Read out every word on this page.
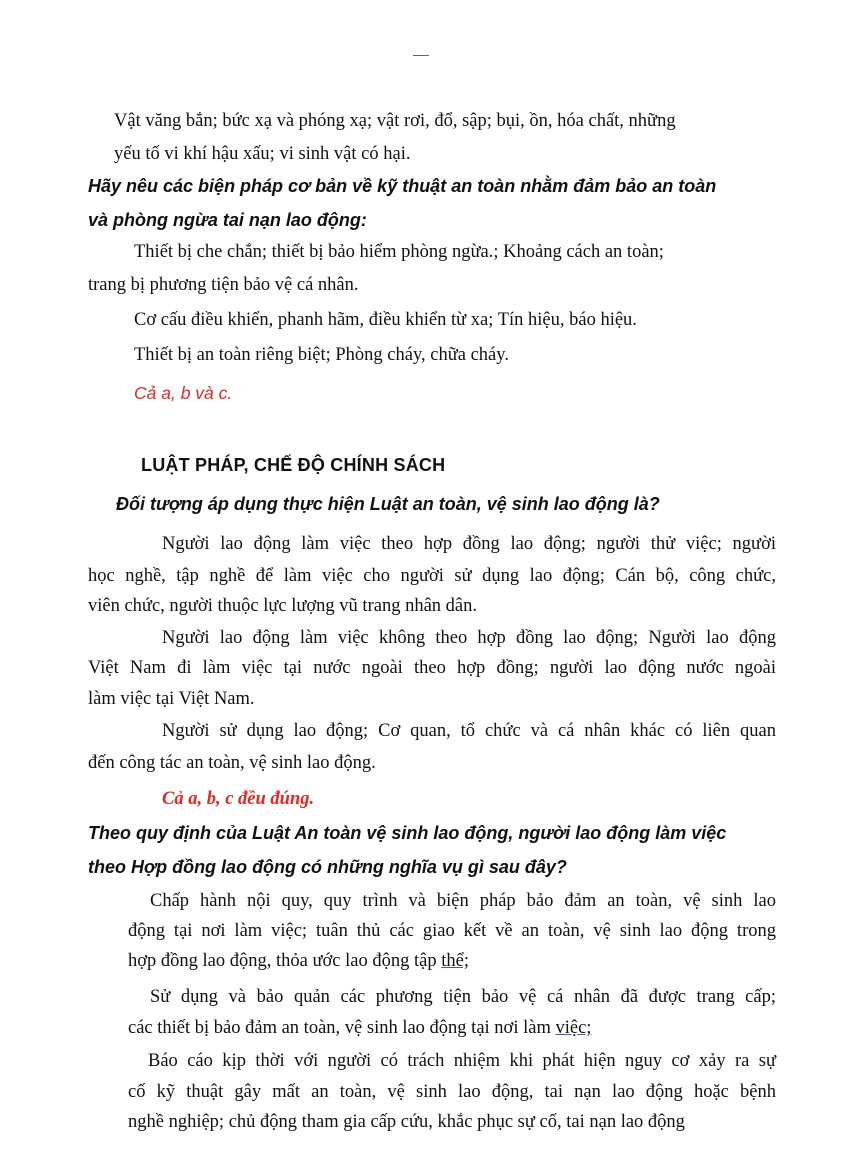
Vật văng bắn; bức xạ và phóng xạ; vật rơi, đổ, sập; bụi, ồn, hóa chất, những
yếu tố vi khí hậu xấu; vi sinh vật có hại.
Hãy nêu các biện pháp cơ bản về kỹ thuật an toàn nhằm đảm bảo an toàn
và phòng ngừa tai nạn lao động:
Thiết bị che chắn; thiết bị bảo hiểm phòng ngừa.; Khoảng cách an toàn;
trang bị phương tiện bảo vệ cá nhân.
Cơ cấu điều khiển, phanh hãm, điều khiển từ xa; Tín hiệu, báo hiệu.
Thiết bị an toàn riêng biệt; Phòng cháy, chữa cháy.
Cả a, b và c.
LUẬT PHÁP, CHẾ ĐỘ CHÍNH SÁCH
Đối tượng áp dụng thực hiện Luật an toàn, vệ sinh lao động là?
Người lao động làm việc theo hợp đồng lao động; người thử việc; người
học nghề, tập nghề để làm việc cho người sử dụng lao động; Cán bộ, công chức,
viên chức, người thuộc lực lượng vũ trang nhân dân.
Người lao động làm việc không theo hợp đồng lao động; Người lao động
Việt Nam đi làm việc tại nước ngoài theo hợp đồng; người lao động nước ngoài
làm việc tại Việt Nam.
Người sử dụng lao động; Cơ quan, tổ chức và cá nhân khác có liên quan
đến công tác an toàn, vệ sinh lao động.
Cả a, b, c đều đúng.
Theo quy định của Luật An toàn vệ sinh lao động, người lao động làm việc
theo Hợp đồng lao động có những nghĩa vụ gì sau đây?
Chấp hành nội quy, quy trình và biện pháp bảo đảm an toàn, vệ sinh lao
động tại nơi làm việc; tuân thủ các giao kết về an toàn, vệ sinh lao động trong
hợp đồng lao động, thỏa ước lao động tập thể;
Sử dụng và bảo quản các phương tiện bảo vệ cá nhân đã được trang cấp;
các thiết bị bảo đảm an toàn, vệ sinh lao động tại nơi làm việc;
Báo cáo kịp thời với người có trách nhiệm khi phát hiện nguy cơ xảy ra sự
cố kỹ thuật gây mất an toàn, vệ sinh lao động, tai nạn lao động hoặc bệnh
nghề nghiệp; chủ động tham gia cấp cứu, khắc phục sự cố, tai nạn lao động
